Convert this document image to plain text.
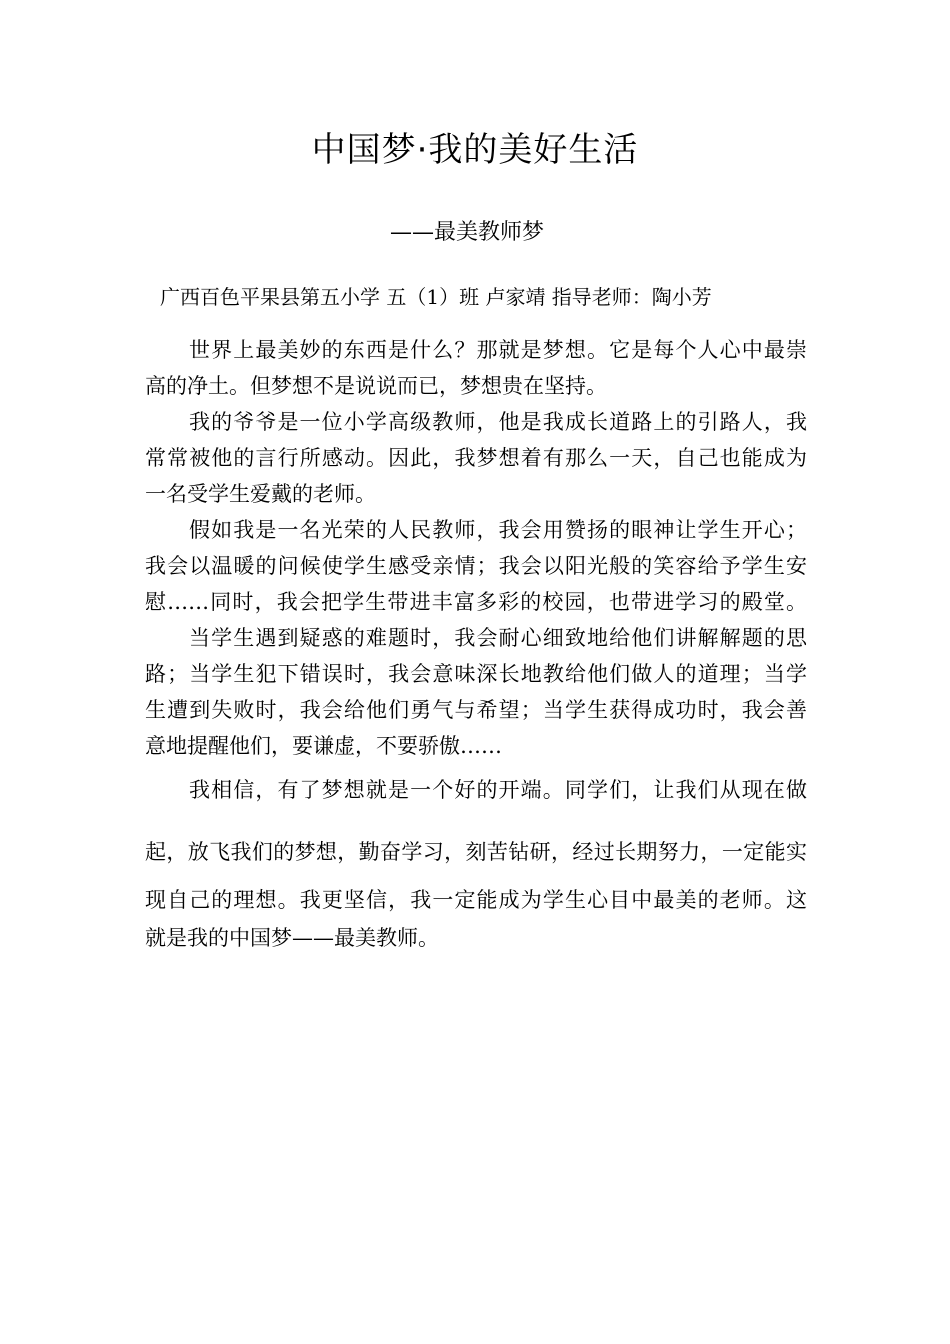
中国梦·我的美好生活
——最美教师梦
广西百色平果县第五小学 五（1）班 卢家靖 指导老师：陶小芳
世界上最美妙的东西是什么？那就是梦想。它是每个人心中最崇
高的净土。但梦想不是说说而已，梦想贵在坚持。
我的爷爷是一位小学高级教师，他是我成长道路上的引路人，我
常常被他的言行所感动。因此，我梦想着有那么一天，自己也能成为
一名受学生爱戴的老师。
假如我是一名光荣的人民教师，我会用赞扬的眼神让学生开心；
我会以温暖的问候使学生感受亲情；我会以阳光般的笑容给予学生安
慰……同时，我会把学生带进丰富多彩的校园，也带进学习的殿堂。
当学生遇到疑惑的难题时，我会耐心细致地给他们讲解解题的思
路；当学生犯下错误时，我会意味深长地教给他们做人的道理；当学
生遭到失败时，我会给他们勇气与希望；当学生获得成功时，我会善
意地提醒他们，要谦虚，不要骄傲……
我相信，有了梦想就是一个好的开端。同学们，让我们从现在做
起，放飞我们的梦想，勤奋学习，刻苦钻研，经过长期努力，一定能实
现自己的理想。我更坚信，我一定能成为学生心目中最美的老师。这
就是我的中国梦——最美教师。
